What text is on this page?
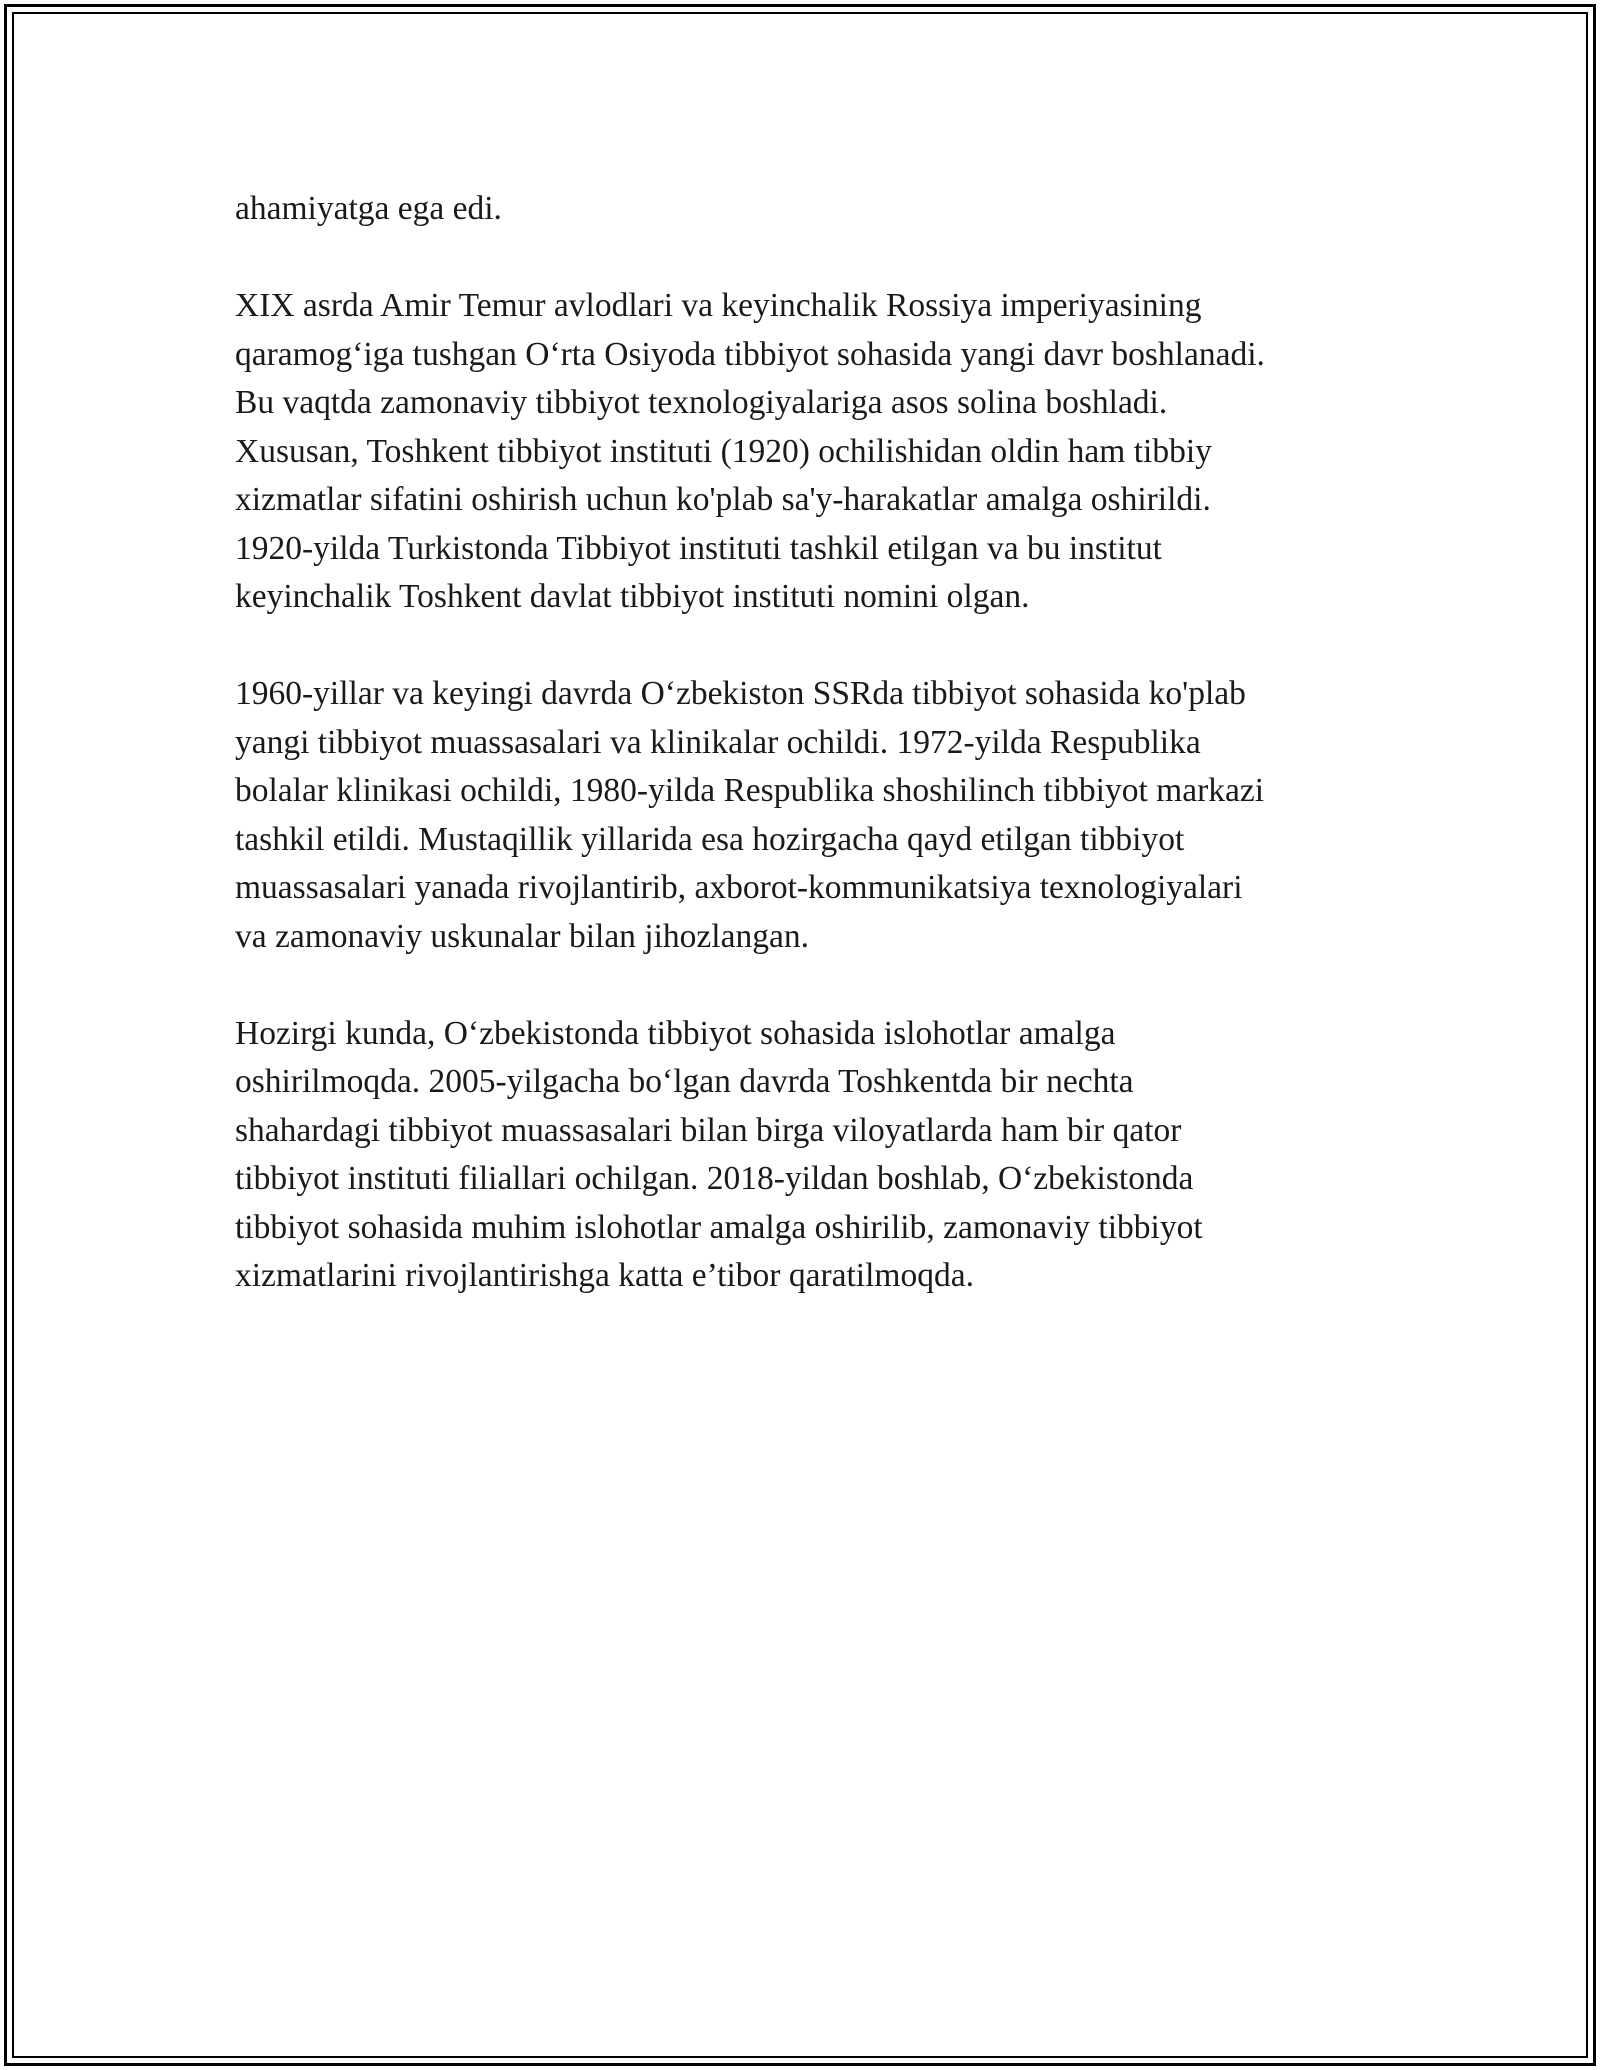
ahamiyatga ega edi.

XIX asrda Amir Temur avlodlari va keyinchalik Rossiya imperiyasining
qaramog‘iga tushgan O‘rta Osiyoda tibbiyot sohasida yangi davr boshlanadi.
Bu vaqtda zamonaviy tibbiyot texnologiyalariga asos solina boshladi.
Xususan, Toshkent tibbiyot instituti (1920) ochilishidan oldin ham tibbiy
xizmatlar sifatini oshirish uchun ko'plab sa'y-harakatlar amalga oshirildi.
1920-yilda Turkistonda Tibbiyot instituti tashkil etilgan va bu institut
keyinchalik Toshkent davlat tibbiyot instituti nomini olgan.

1960-yillar va keyingi davrda O‘zbekiston SSRda tibbiyot sohasida ko'plab
yangi tibbiyot muassasalari va klinikalar ochildi. 1972-yilda Respublika
bolalar klinikasi ochildi, 1980-yilda Respublika shoshilinch tibbiyot markazi
tashkil etildi. Mustaqillik yillarida esa hozirgacha qayd etilgan tibbiyot
muassasalari yanada rivojlantirib, axborot-kommunikatsiya texnologiyalari
va zamonaviy uskunalar bilan jihozlangan.

Hozirgi kunda, O‘zbekistonda tibbiyot sohasida islohotlar amalga
oshirilmoqda. 2005-yilgacha bo‘lgan davrda Toshkentda bir nechta
shahardagi tibbiyot muassasalari bilan birga viloyatlarda ham bir qator
tibbiyot instituti filiallari ochilgan. 2018-yildan boshlab, O‘zbekistonda
tibbiyot sohasida muhim islohotlar amalga oshirilib, zamonaviy tibbiyot
xizmatlarini rivojlantirishga katta e’tibor qaratilmoqda.
